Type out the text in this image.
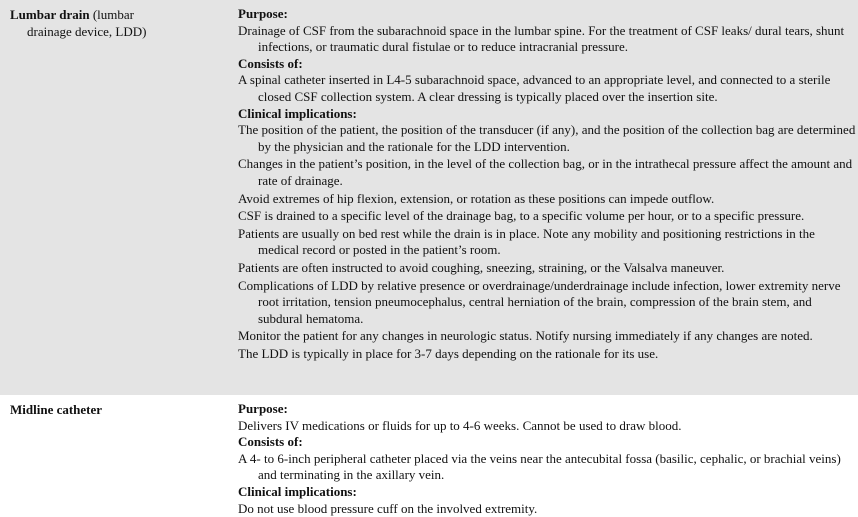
Lumbar drain (lumbar
drainage device, LDD)
Purpose:
Drainage of CSF from the subarachnoid space in the lumbar spine. For the treatment of CSF leaks/ dural tears, shunt infections, or traumatic dural fistulae or to reduce intracranial pressure.
Consists of:
A spinal catheter inserted in L4-5 subarachnoid space, advanced to an appropriate level, and connected to a sterile closed CSF collection system. A clear dressing is typically placed over the insertion site.
Clinical implications:
The position of the patient, the position of the transducer (if any), and the position of the collection bag are determined by the physician and the rationale for the LDD intervention.
Changes in the patient’s position, in the level of the collection bag, or in the intrathecal pressure affect the amount and rate of drainage.
Avoid extremes of hip flexion, extension, or rotation as these positions can impede outflow.
CSF is drained to a specific level of the drainage bag, to a specific volume per hour, or to a specific pressure.
Patients are usually on bed rest while the drain is in place. Note any mobility and positioning restrictions in the medical record or posted in the patient’s room.
Patients are often instructed to avoid coughing, sneezing, straining, or the Valsalva maneuver.
Complications of LDD by relative presence or overdrainage/underdrainage include infection, lower extremity nerve root irritation, tension pneumocephalus, central herniation of the brain, compression of the brain stem, and subdural hematoma.
Monitor the patient for any changes in neurologic status. Notify nursing immediately if any changes are noted.
The LDD is typically in place for 3-7 days depending on the rationale for its use.
Midline catheter	Purpose:
Delivers IV medications or fluids for up to 4-6 weeks. Cannot be used to draw blood.
Consists of:
A 4- to 6-inch peripheral catheter placed via the veins near the antecubital fossa (basilic, cephalic, or brachial veins) and terminating in the axillary vein.
Clinical implications:
Do not use blood pressure cuff on the involved extremity.
